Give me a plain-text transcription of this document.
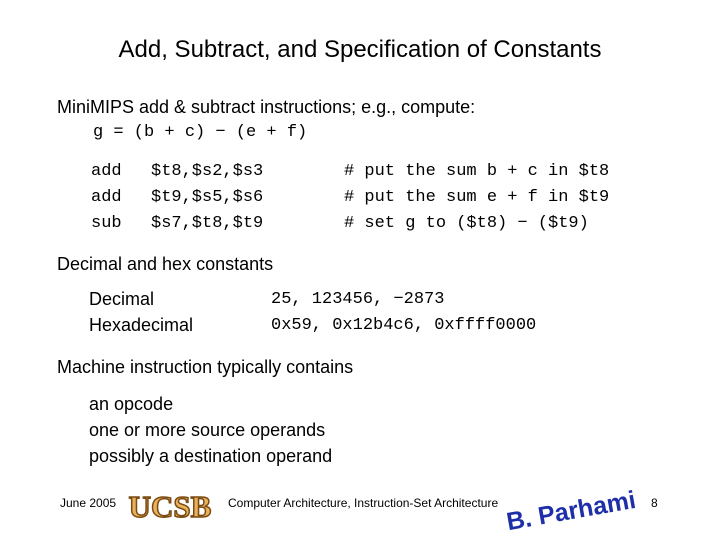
Add, Subtract, and Specification of Constants
MiniMIPS add & subtract instructions; e.g., compute:
g = (b + c) − (e + f)
add
add
sub
$t8,$s2,$s3
$t9,$s5,$s6
$s7,$t8,$t9
# put the sum b + c in $t8
# put the sum e + f in $t9
# set g to ($t8) − ($t9)
Decimal and hex constants
Decimal	25, 123456, −2873
Hexadecimal	0x59, 0x12b4c6, 0xffff0000
Machine instruction typically contains
an opcode
one or more source operands
possibly a destination operand
June 2005 UCSB Computer Architecture, Instruction-Set Architecture B. Parhami 8
